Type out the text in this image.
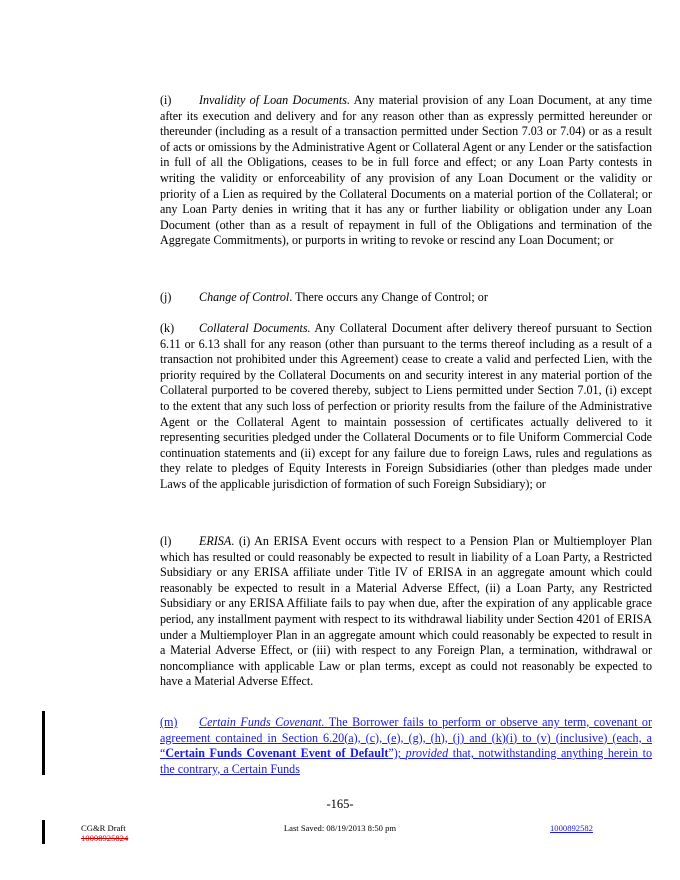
(i) Invalidity of Loan Documents. Any material provision of any Loan Document, at any time after its execution and delivery and for any reason other than as expressly permitted hereunder or thereunder (including as a result of a transaction permitted under Section 7.03 or 7.04) or as a result of acts or omissions by the Administrative Agent or Collateral Agent or any Lender or the satisfaction in full of all the Obligations, ceases to be in full force and effect; or any Loan Party contests in writing the validity or enforceability of any provision of any Loan Document or the validity or priority of a Lien as required by the Collateral Documents on a material portion of the Collateral; or any Loan Party denies in writing that it has any or further liability or obligation under any Loan Document (other than as a result of repayment in full of the Obligations and termination of the Aggregate Commitments), or purports in writing to revoke or rescind any Loan Document; or

(j) Change of Control. There occurs any Change of Control; or

(k) Collateral Documents. Any Collateral Document after delivery thereof pursuant to Section 6.11 or 6.13 shall for any reason (other than pursuant to the terms thereof including as a result of a transaction not prohibited under this Agreement) cease to create a valid and perfected Lien, with the priority required by the Collateral Documents on and security interest in any material portion of the Collateral purported to be covered thereby, subject to Liens permitted under Section 7.01, (i) except to the extent that any such loss of perfection or priority results from the failure of the Administrative Agent or the Collateral Agent to maintain possession of certificates actually delivered to it representing securities pledged under the Collateral Documents or to file Uniform Commercial Code continuation statements and (ii) except for any failure due to foreign Laws, rules and regulations as they relate to pledges of Equity Interests in Foreign Subsidiaries (other than pledges made under Laws of the applicable jurisdiction of formation of such Foreign Subsidiary); or

(l) ERISA. (i) An ERISA Event occurs with respect to a Pension Plan or Multiemployer Plan which has resulted or could reasonably be expected to result in liability of a Loan Party, a Restricted Subsidiary or any ERISA affiliate under Title IV of ERISA in an aggregate amount which could reasonably be expected to result in a Material Adverse Effect, (ii) a Loan Party, any Restricted Subsidiary or any ERISA Affiliate fails to pay when due, after the expiration of any applicable grace period, any installment payment with respect to its withdrawal liability under Section 4201 of ERISA under a Multiemployer Plan in an aggregate amount which could reasonably be expected to result in a Material Adverse Effect, or (iii) with respect to any Foreign Plan, a termination, withdrawal or noncompliance with applicable Law or plan terms, except as could not reasonably be expected to have a Material Adverse Effect.

(m) Certain Funds Covenant. The Borrower fails to perform or observe any term, covenant or agreement contained in Section 6.20(a), (c), (e), (g), (h), (j) and (k)(i) to (v) (inclusive) (each, a “Certain Funds Covenant Event of Default”); provided that, notwithstanding anything herein to the contrary, a Certain Funds

-165-
CG&R Draft
10008925824
Last Saved: 08/19/2013 8:50 pm	1000892582
